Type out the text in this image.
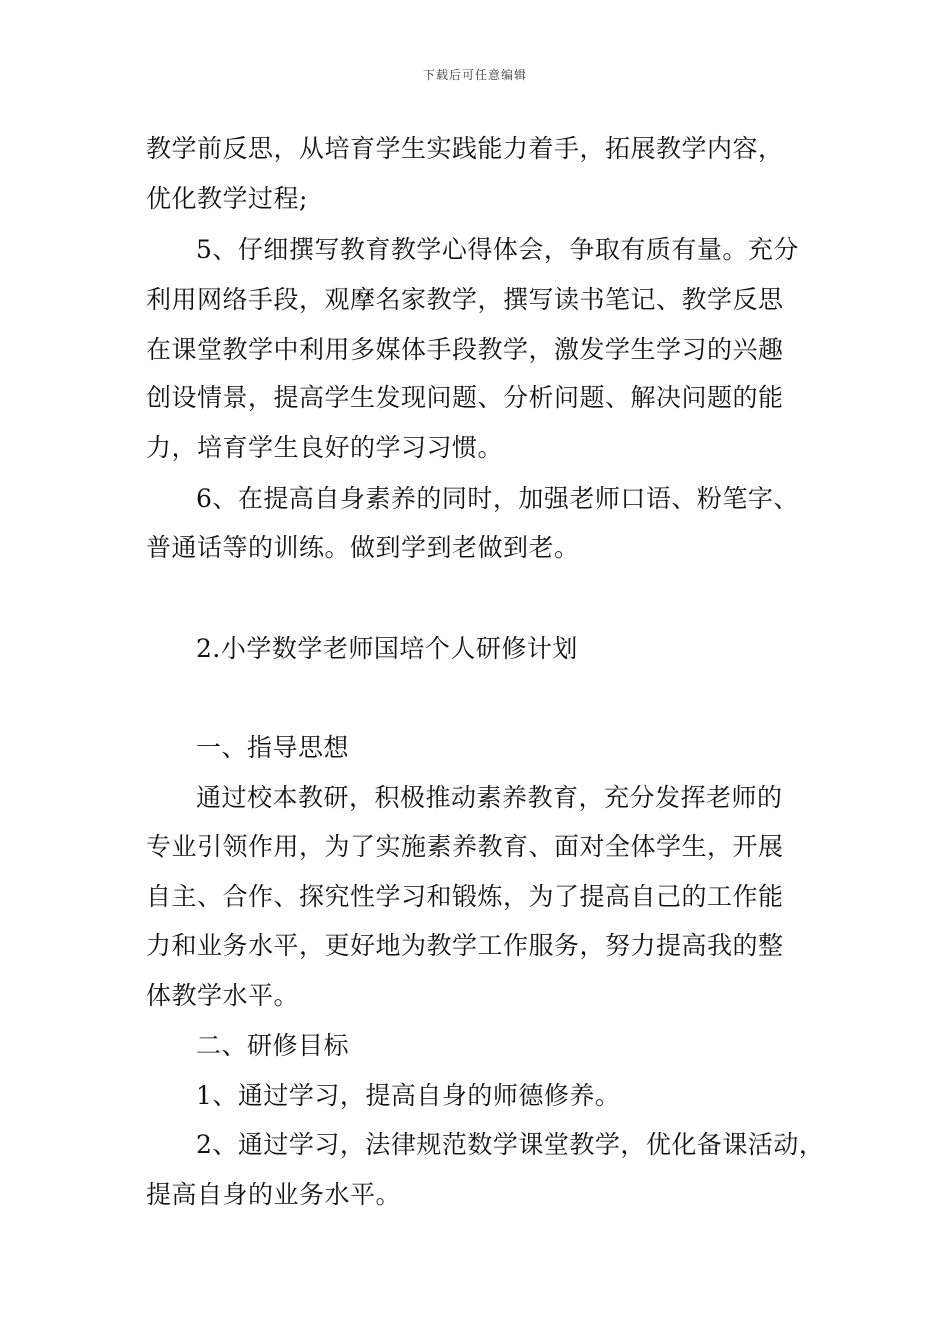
下载后可任意编辑
教学前反思，从培育学生实践能力着手，拓展教学内容，
优化教学过程;
5、仔细撰写教育教学心得体会，争取有质有量。充分
利用网络手段，观摩名家教学，撰写读书笔记、教学反思
在课堂教学中利用多媒体手段教学，激发学生学习的兴趣
创设情景，提高学生发现问题、分析问题、解决问题的能
力，培育学生良好的学习习惯。
6、在提高自身素养的同时，加强老师口语、粉笔字、
普通话等的训练。做到学到老做到老。
2.小学数学老师国培个人研修计划
一、指导思想
通过校本教研，积极推动素养教育，充分发挥老师的
专业引领作用，为了实施素养教育、面对全体学生，开展
自主、合作、探究性学习和锻炼，为了提高自己的工作能
力和业务水平，更好地为教学工作服务，努力提高我的整
体教学水平。
二、研修目标
1、通过学习，提高自身的师德修养。
2、通过学习，法律规范数学课堂教学，优化备课活动，
提高自身的业务水平。
